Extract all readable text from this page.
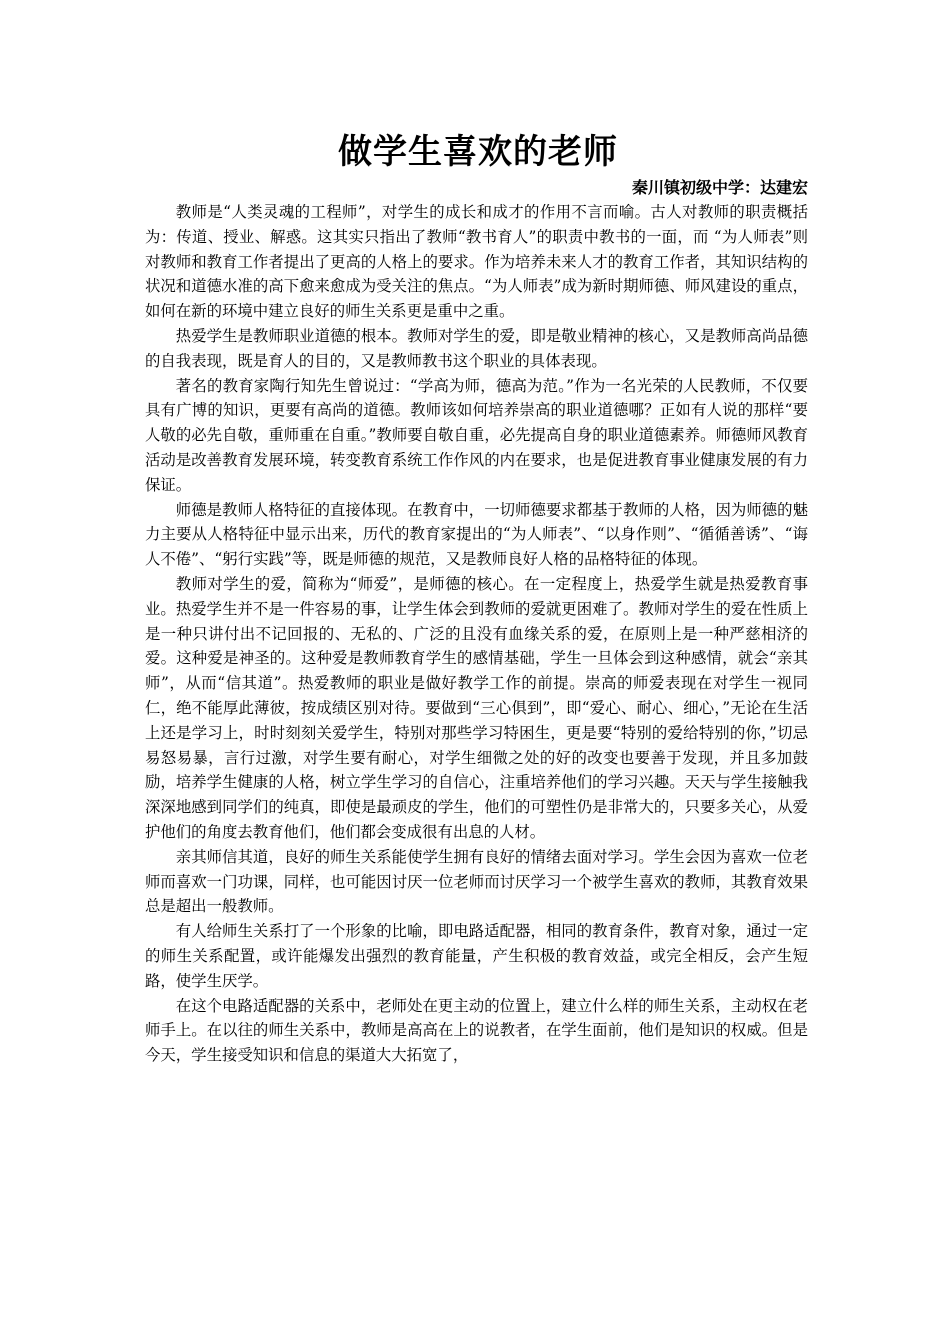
做学生喜欢的老师
秦川镇初级中学：达建宏

教师是“人类灵魂的工程师”，对学生的成长和成才的作用不言而喻。古人对教师的职责概括为：传道、授业、解惑。这其实只指出了教师“教书育人”的职责中教书的一面，而 “为人师表”则对教师和教育工作者提出了更高的人格上的要求。作为培养未来人才的教育工作者，其知识结构的状况和道德水准的高下愈来愈成为受关注的焦点。“为人师表”成为新时期师德、师风建设的重点，如何在新的环境中建立良好的师生关系更是重中之重。

热爱学生是教师职业道德的根本。教师对学生的爱，即是敬业精神的核心，又是教师高尚品德的自我表现，既是育人的目的，又是教师教书这个职业的具体表现。

著名的教育家陶行知先生曾说过：“学高为师，德高为范。”作为一名光荣的人民教师，不仅要具有广博的知识，更要有高尚的道德。教师该如何培养崇高的职业道德哪？正如有人说的那样“要人敬的必先自敬，重师重在自重。”教师要自敬自重，必先提高自身的职业道德素养。师德师风教育活动是改善教育发展环境，转变教育系统工作作风的内在要求，也是促进教育事业健康发展的有力保证。

师德是教师人格特征的直接体现。在教育中，一切师德要求都基于教师的人格，因为师德的魅力主要从人格特征中显示出来，历代的教育家提出的“为人师表”、“以身作则”、“循循善诱”、“诲人不倦”、“躬行实践”等，既是师德的规范，又是教师良好人格的品格特征的体现。

教师对学生的爱，简称为“师爱”，是师德的核心。在一定程度上，热爱学生就是热爱教育事业。热爱学生并不是一件容易的事，让学生体会到教师的爱就更困难了。教师对学生的爱在性质上是一种只讲付出不记回报的、无私的、广泛的且没有血缘关系的爱，在原则上是一种严慈相济的爱。这种爱是神圣的。这种爱是教师教育学生的感情基础，学生一旦体会到这种感情，就会“亲其师”，从而“信其道”。热爱教师的职业是做好教学工作的前提。崇高的师爱表现在对学生一视同仁，绝不能厚此薄彼，按成绩区别对待。要做到“三心俱到”，即“爱心、耐心、细心，”无论在生活上还是学习上，时时刻刻关爱学生，特别对那些学习特困生，更是要“特别的爱给特别的你，”切忌易怒易暴，言行过激，对学生要有耐心，对学生细微之处的好的改变也要善于发现，并且多加鼓励，培养学生健康的人格，树立学生学习的自信心，注重培养他们的学习兴趣。天天与学生接触我深深地感到同学们的纯真，即使是最顽皮的学生，他们的可塑性仍是非常大的，只要多关心，从爱护他们的角度去教育他们，他们都会变成很有出息的人材。

亲其师信其道，良好的师生关系能使学生拥有良好的情绪去面对学习。学生会因为喜欢一位老师而喜欢一门功课，同样，也可能因讨厌一位老师而讨厌学习一个被学生喜欢的教师，其教育效果总是超出一般教师。

有人给师生关系打了一个形象的比喻，即电路适配器，相同的教育条件，教育对象，通过一定的师生关系配置，或许能爆发出强烈的教育能量，产生积极的教育效益，或完全相反，会产生短路，使学生厌学。

在这个电路适配器的关系中，老师处在更主动的位置上，建立什么样的师生关系，主动权在老师手上。在以往的师生关系中，教师是高高在上的说教者，在学生面前，他们是知识的权威。但是今天，学生接受知识和信息的渠道大大拓宽了，
